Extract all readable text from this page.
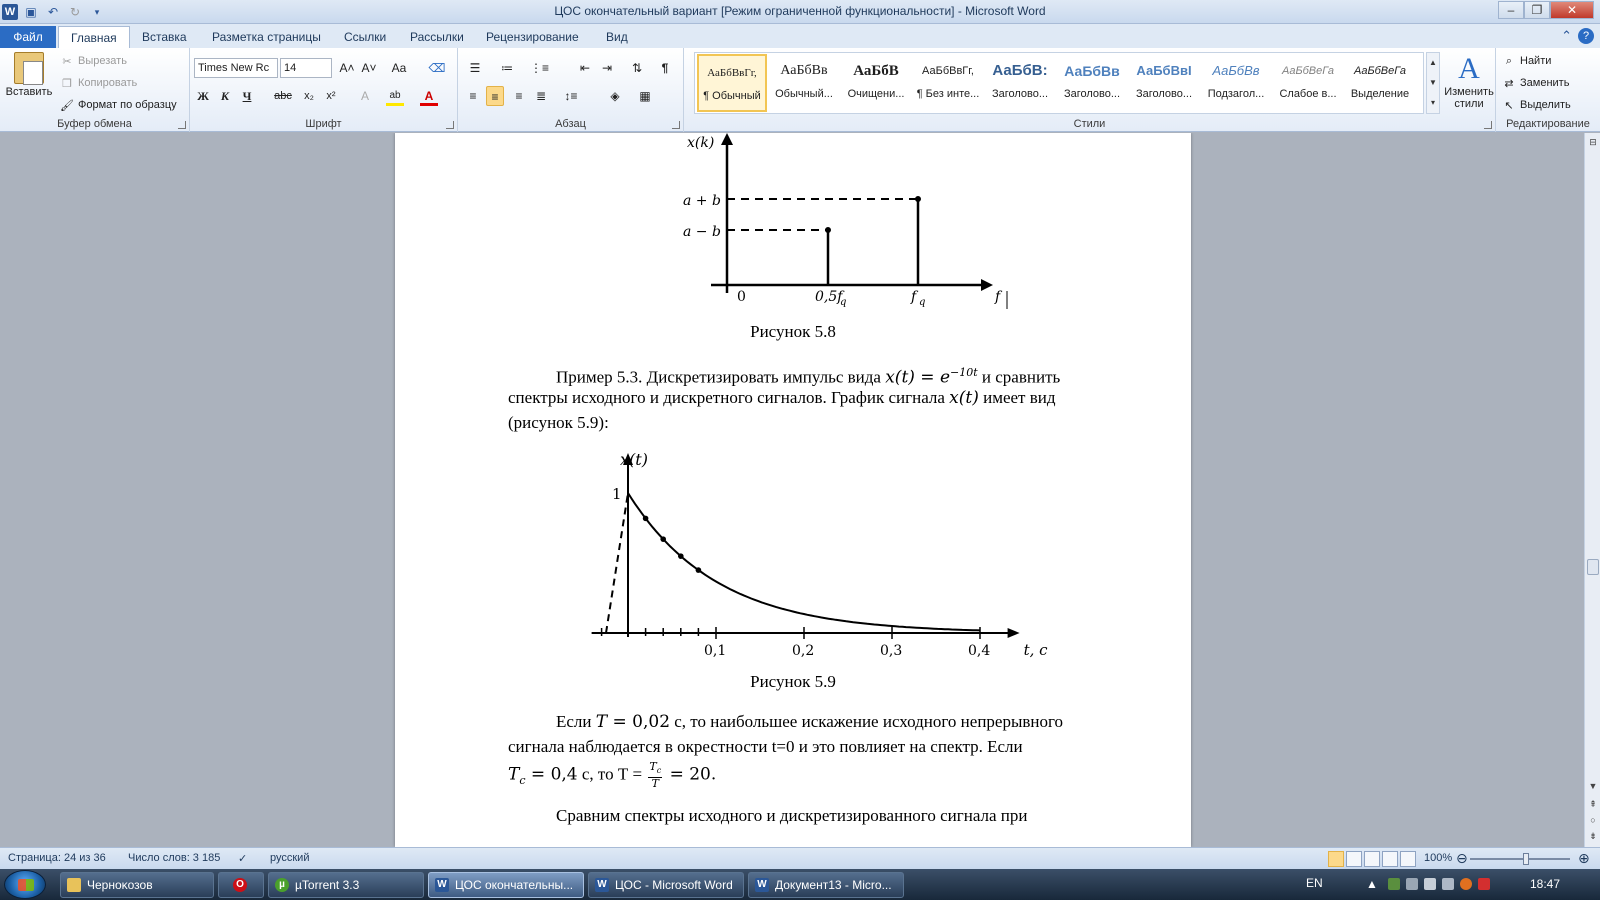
W ▣ ↶ ↻	▾	ЦОС окончательный вариант [Режим ограниченной функциональности] - Microsoft Word	–	❐	✕
Файл	Главная	Вставка	Разметка страницы	Ссылки	Рассылки	Рецензирование	Вид	⌃ ?
Вставить
✂ Вырезать
❐ Копировать
🖌 Формат по образцу
Буфер обмена
Times New Rc	14	A˄ A˅ Aa ⌫
Ж К	Ч	abc	x₂	x²	A	ab	A
Шрифт
☰	≔ ⋮≡	⇤ ⇥	⇅	¶
≡	≡	≡	≣	↕≡	◈	▦
Абзац	Стили
АаБбВвГг,
¶ Обычный
АаБбВв
Обычный...
АаБбВ
Очищени...
АаБбВвГг,
¶ Без инте...
АаБбВ:
Заголово...
АаБбВв
Заголово...
АаБбВвI
Заголово...
АаБбВв
Подзагол...
АаБбВеГа
Слабое в...
АаБбВеГа
Выделение
▲
▼
▾
A
Изменить стили
⌕ Найти
⇄ Заменить
↖ Выделить
Редактирование
x(k)
a + b
a − b
0	0,5f
q	f q	f
Рисунок 5.8
Пример 5.3. Дискретизировать импульс вида $x(t) = e^{-10t}$ и сравнить
спектры исходного и дискретного сигналов. График сигнала x(t) имеет вид
(рисунок 5.9):
0,1	0,2	0,3	0,4
x(t)
1
t, c
Рисунок 5.9
Если T = 0,02 с, то наибольшее искажение исходного непрерывного
сигнала наблюдается в окрестности t=0 и это повлияет на спектр. Если
$T_c = 0,4$ с, то $Т = \frac{T_c}{T} = 20$.
Сравним спектры исходного и дискретизированного сигнала при
⊟
▼
⇞
○
⇟
Страница: 24 из 36 Число слов: 3 185 ✓ русский	100% ⊖	⊕
Черноκозов	O	µ µTorrent 3.3	W ЦОС окончательны...	W ЦОС - Microsoft Word	W Документ13 - Micro...	EN	▲	18:47
